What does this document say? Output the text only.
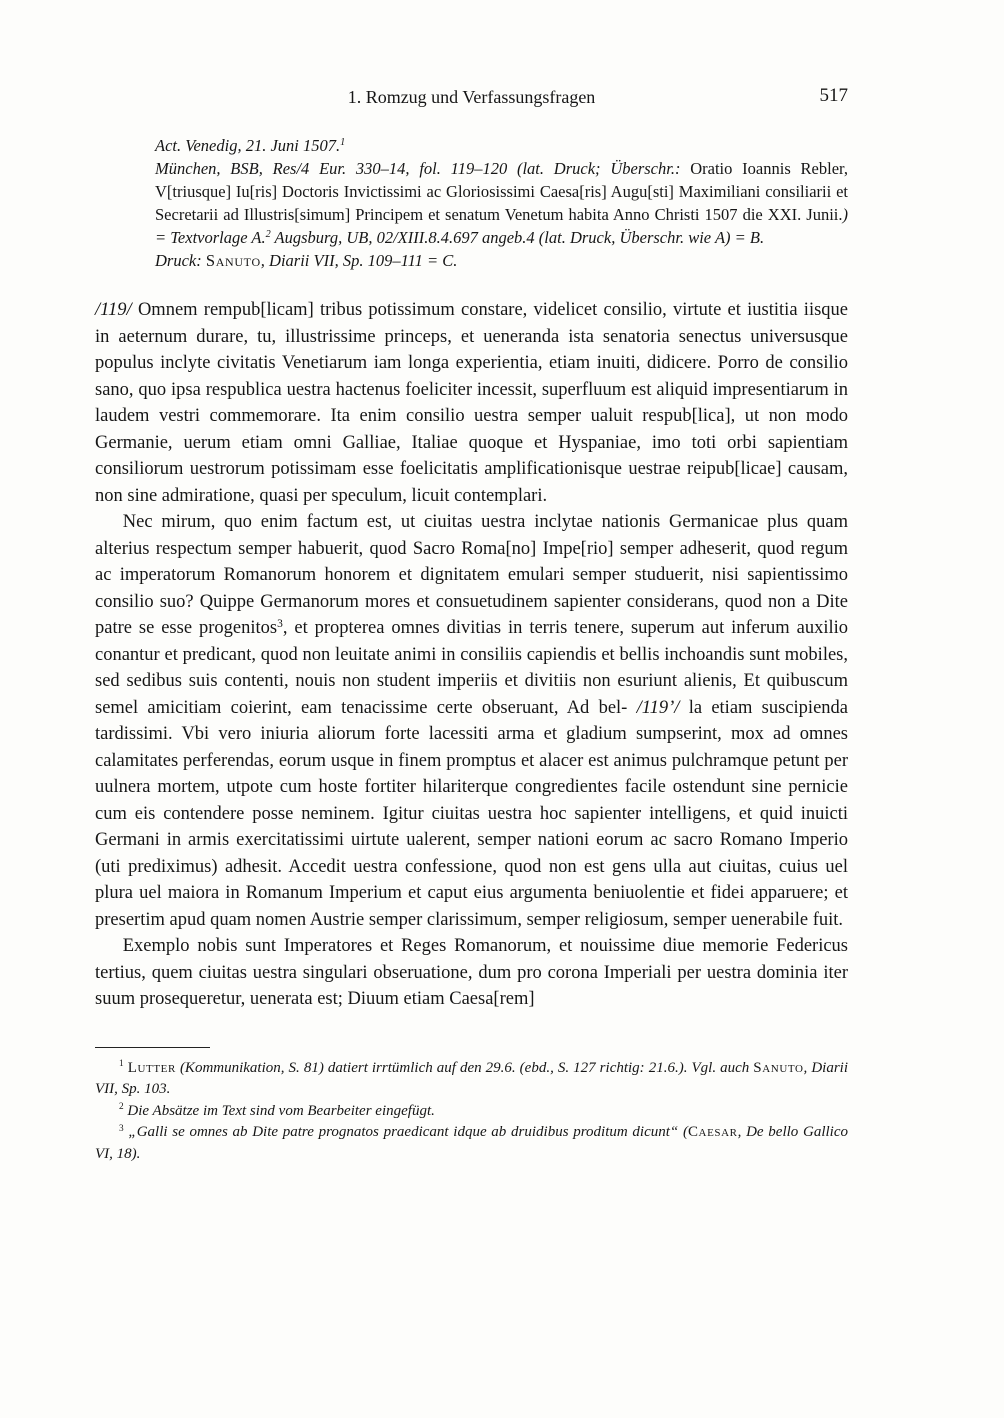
1. Romzug und Verfassungsfragen	517

Act. Venedig, 21. Juni 1507.$^1$

München, BSB, Res/4 Eur. 330–14, fol. 119–120 (lat. Druck; Überschr.: Oratio Ioannis Rebler, V[triusque] Iu[ris] Doctoris Invictissimi ac Gloriosissimi Caesa[ris] Augu[sti] Maximiliani consiliarii et Secretarii ad Illustris[simum] Principem et senatum Venetum habita Anno Christi 1507 die XXI. Junii.) = Textvorlage A.$^2$ Augsburg, UB, 02/XIII.8.4.697 angeb.4 (lat. Druck, Überschr. wie A) = B.

Druck: Sanuto, Diarii VII, Sp. 109–111 = C.

/119/ Omnem rempub[licam] tribus potissimum constare, videlicet consilio, virtute et iustitia iisque in aeternum durare, tu, illustrissime princeps, et ueneranda ista senatoria senectus universusque populus inclyte civitatis Venetiarum iam longa experientia, etiam inuiti, didicere. Porro de consilio sano, quo ipsa respublica uestra hactenus foeliciter incessit, superfluum est aliquid impresentiarum in laudem vestri commemorare. Ita enim consilio uestra semper ualuit respub[lica], ut non modo Germanie, uerum etiam omni Galliae, Italiae quoque et Hyspaniae, imo toti orbi sapientiam consiliorum uestrorum potissimam esse foelicitatis amplificationisque uestrae reipub[licae] causam, non sine admiratione, quasi per speculum, licuit contemplari.

Nec mirum, quo enim factum est, ut ciuitas uestra inclytae nationis Germanicae plus quam alterius respectum semper habuerit, quod Sacro Roma[no] Impe[rio] semper adheserit, quod regum ac imperatorum Romanorum honorem et dignitatem emulari semper studuerit, nisi sapientissimo consilio suo? Quippe Germanorum mores et consuetudinem sapienter considerans, quod non a Dite patre se esse progenitos$^3$, et propterea omnes divitias in terris tenere, superum aut inferum auxilio conantur et predicant, quod non leuitate animi in consiliis capiendis et bellis inchoandis sunt mobiles, sed sedibus suis contenti, nouis non student imperiis et divitiis non esuriunt alienis, Et quibuscum semel amicitiam coierint, eam tenacissime certe obseruant, Ad bel- /119’/ la etiam suscipienda tardissimi. Vbi vero iniuria aliorum forte lacessiti arma et gladium sumpserint, mox ad omnes calamitates perferendas, eorum usque in finem promptus et alacer est animus pulchramque petunt per uulnera mortem, utpote cum hoste fortiter hilariterque congredientes facile ostendunt sine pernicie cum eis contendere posse neminem. Igitur ciuitas uestra hoc sapienter intelligens, et quid inuicti Germani in armis exercitatissimi uirtute ualerent, semper nationi eorum ac sacro Romano Imperio (uti prediximus) adhesit. Accedit uestra confessione, quod non est gens ulla aut ciuitas, cuius uel plura uel maiora in Romanum Imperium et caput eius argumenta beniuolentie et fidei apparuere; et presertim apud quam nomen Austrie semper clarissimum, semper religiosum, semper uenerabile fuit.

Exemplo nobis sunt Imperatores et Reges Romanorum, et nouissime diue memorie Federicus tertius, quem ciuitas uestra singulari obseruatione, dum pro corona Imperiali per uestra dominia iter suum prosequeretur, uenerata est; Diuum etiam Caesa[rem]

$^1$ Lutter (Kommunikation, S. 81) datiert irrtümlich auf den 29.6. (ebd., S. 127 richtig: 21.6.). Vgl. auch Sanuto, Diarii VII, Sp. 103.

$^2$ Die Absätze im Text sind vom Bearbeiter eingefügt.

$^3$ „Galli se omnes ab Dite patre prognatos praedicant idque ab druidibus proditum dicunt“ (Caesar, De bello Gallico VI, 18).
